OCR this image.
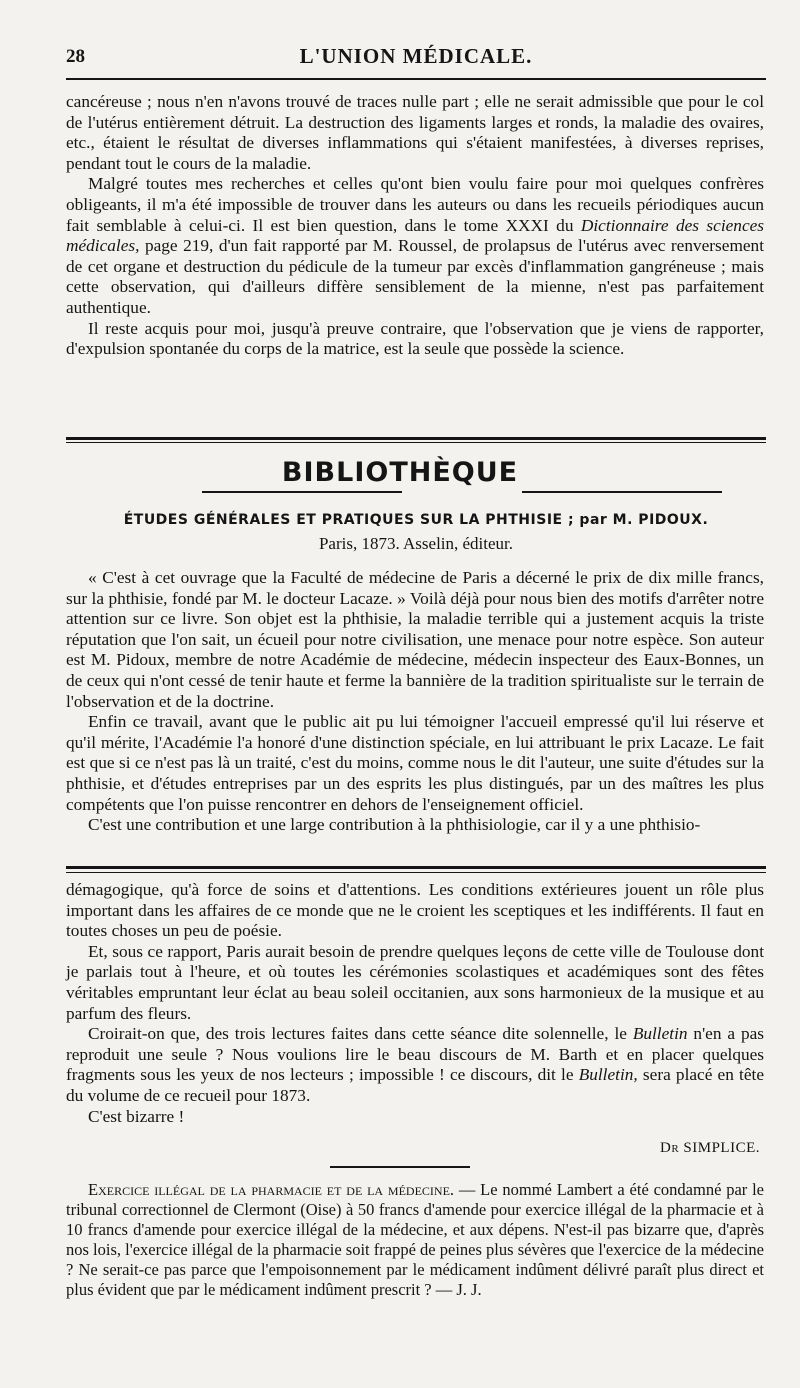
28	L'UNION MÉDICALE.

cancéreuse ; nous n'en n'avons trouvé de traces nulle part ; elle ne serait admissible que pour le col de l'utérus entièrement détruit. La destruction des ligaments larges et ronds, la maladie des ovaires, etc., étaient le résultat de diverses inflammations qui s'étaient manifestées, à diverses reprises, pendant tout le cours de la maladie.

Malgré toutes mes recherches et celles qu'ont bien voulu faire pour moi quelques confrères obligeants, il m'a été impossible de trouver dans les auteurs ou dans les recueils périodiques aucun fait semblable à celui-ci. Il est bien question, dans le tome XXXI du Dictionnaire des sciences médicales, page 219, d'un fait rapporté par M. Roussel, de prolapsus de l'utérus avec renversement de cet organe et destruction du pédicule de la tumeur par excès d'inflammation gangréneuse ; mais cette observation, qui d'ailleurs diffère sensiblement de la mienne, n'est pas parfaitement authentique.

Il reste acquis pour moi, jusqu'à preuve contraire, que l'observation que je viens de rapporter, d'expulsion spontanée du corps de la matrice, est la seule que possède la science.

BIBLIOTHÈQUE
ÉTUDES GÉNÉRALES ET PRATIQUES SUR LA PHTHISIE ; par M. PIDOUX.
Paris, 1873. Asselin, éditeur.

« C'est à cet ouvrage que la Faculté de médecine de Paris a décerné le prix de dix mille francs, sur la phthisie, fondé par M. le docteur Lacaze. » Voilà déjà pour nous bien des motifs d'arrêter notre attention sur ce livre. Son objet est la phthisie, la maladie terrible qui a justement acquis la triste réputation que l'on sait, un écueil pour notre civilisation, une menace pour notre espèce. Son auteur est M. Pidoux, membre de notre Académie de médecine, médecin inspecteur des Eaux-Bonnes, un de ceux qui n'ont cessé de tenir haute et ferme la bannière de la tradition spiritualiste sur le terrain de l'observation et de la doctrine.

Enfin ce travail, avant que le public ait pu lui témoigner l'accueil empressé qu'il lui réserve et qu'il mérite, l'Académie l'a honoré d'une distinction spéciale, en lui attribuant le prix Lacaze. Le fait est que si ce n'est pas là un traité, c'est du moins, comme nous le dit l'auteur, une suite d'études sur la phthisie, et d'études entreprises par un des esprits les plus distingués, par un des maîtres les plus compétents que l'on puisse rencontrer en dehors de l'enseignement officiel.

C'est une contribution et une large contribution à la phthisiologie, car il y a une phthisio-

démagogique, qu'à force de soins et d'attentions. Les conditions extérieures jouent un rôle plus important dans les affaires de ce monde que ne le croient les sceptiques et les indifférents. Il faut en toutes choses un peu de poésie.

Et, sous ce rapport, Paris aurait besoin de prendre quelques leçons de cette ville de Toulouse dont je parlais tout à l'heure, et où toutes les cérémonies scolastiques et académiques sont des fêtes véritables empruntant leur éclat au beau soleil occitanien, aux sons harmonieux de la musique et au parfum des fleurs.

Croirait-on que, des trois lectures faites dans cette séance dite solennelle, le Bulletin n'en a pas reproduit une seule ? Nous voulions lire le beau discours de M. Barth et en placer quelques fragments sous les yeux de nos lecteurs ; impossible ! ce discours, dit le Bulletin, sera placé en tête du volume de ce recueil pour 1873.

C'est bizarre !

Dr SIMPLICE.

Exercice illégal de la pharmacie et de la médecine. — Le nommé Lambert a été condamné par le tribunal correctionnel de Clermont (Oise) à 50 francs d'amende pour exercice illégal de la pharmacie et à 10 francs d'amende pour exercice illégal de la médecine, et aux dépens. N'est-il pas bizarre que, d'après nos lois, l'exercice illégal de la pharmacie soit frappé de peines plus sévères que l'exercice de la médecine ? Ne serait-ce pas parce que l'empoisonnement par le médicament indûment délivré paraît plus direct et plus évident que par le médicament indûment prescrit ? — J. J.
